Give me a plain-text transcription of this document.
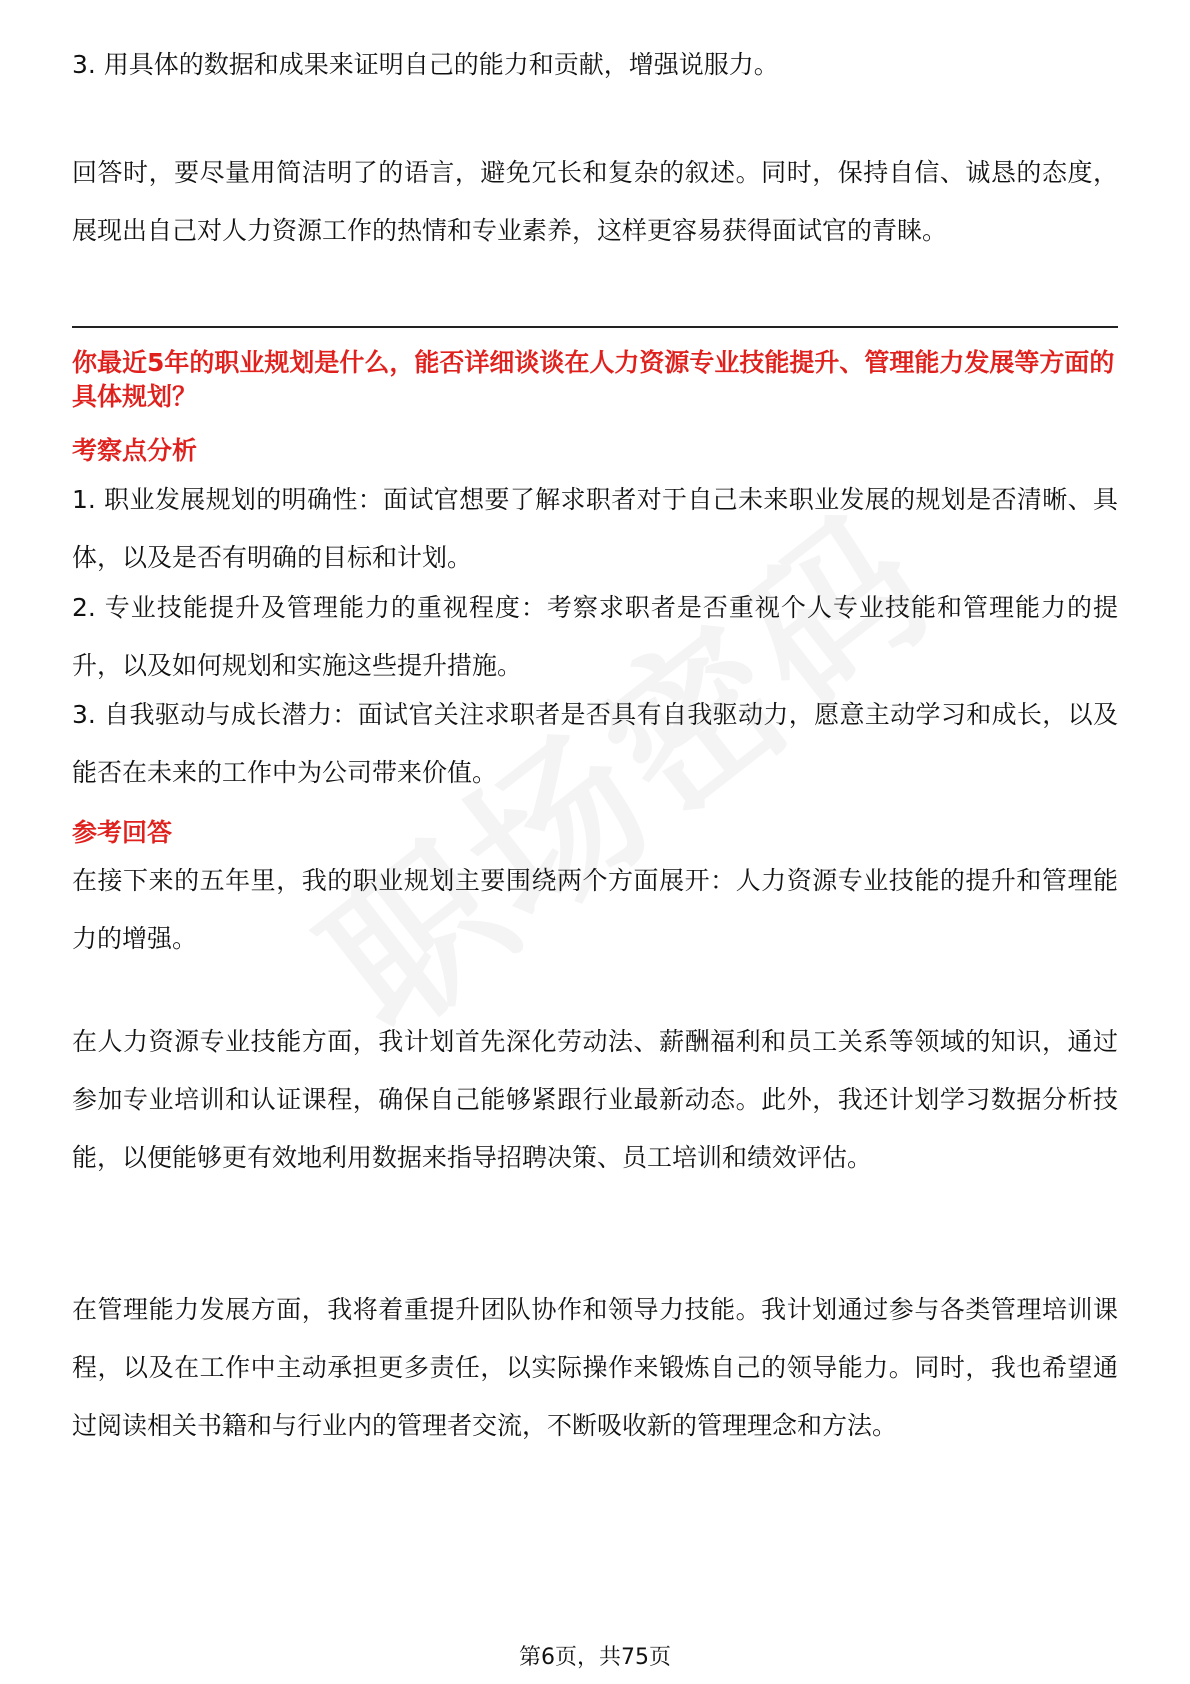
3. 用具体的数据和成果来证明自己的能力和贡献，增强说服力。

回答时，要尽量用简洁明了的语言，避免冗长和复杂的叙述。同时，保持自信、诚恳的态度，展现出自己对人力资源工作的热情和专业素养，这样更容易获得面试官的青睐。

你最近5年的职业规划是什么，能否详细谈谈在人力资源专业技能提升、管理能力发展等方面的具体规划？

考察点分析

1. 职业发展规划的明确性：面试官想要了解求职者对于自己未来职业发展的规划是否清晰、具体，以及是否有明确的目标和计划。

2. 专业技能提升及管理能力的重视程度：考察求职者是否重视个人专业技能和管理能力的提升，以及如何规划和实施这些提升措施。

3. 自我驱动与成长潜力：面试官关注求职者是否具有自我驱动力，愿意主动学习和成长，以及能否在未来的工作中为公司带来价值。

参考回答

在接下来的五年里，我的职业规划主要围绕两个方面展开：人力资源专业技能的提升和管理能力的增强。

在人力资源专业技能方面，我计划首先深化劳动法、薪酬福利和员工关系等领域的知识，通过参加专业培训和认证课程，确保自己能够紧跟行业最新动态。此外，我还计划学习数据分析技能，以便能够更有效地利用数据来指导招聘决策、员工培训和绩效评估。

在管理能力发展方面，我将着重提升团队协作和领导力技能。我计划通过参与各类管理培训课程，以及在工作中主动承担更多责任，以实际操作来锻炼自己的领导能力。同时，我也希望通过阅读相关书籍和与行业内的管理者交流，不断吸收新的管理理念和方法。

第6页，共75页
